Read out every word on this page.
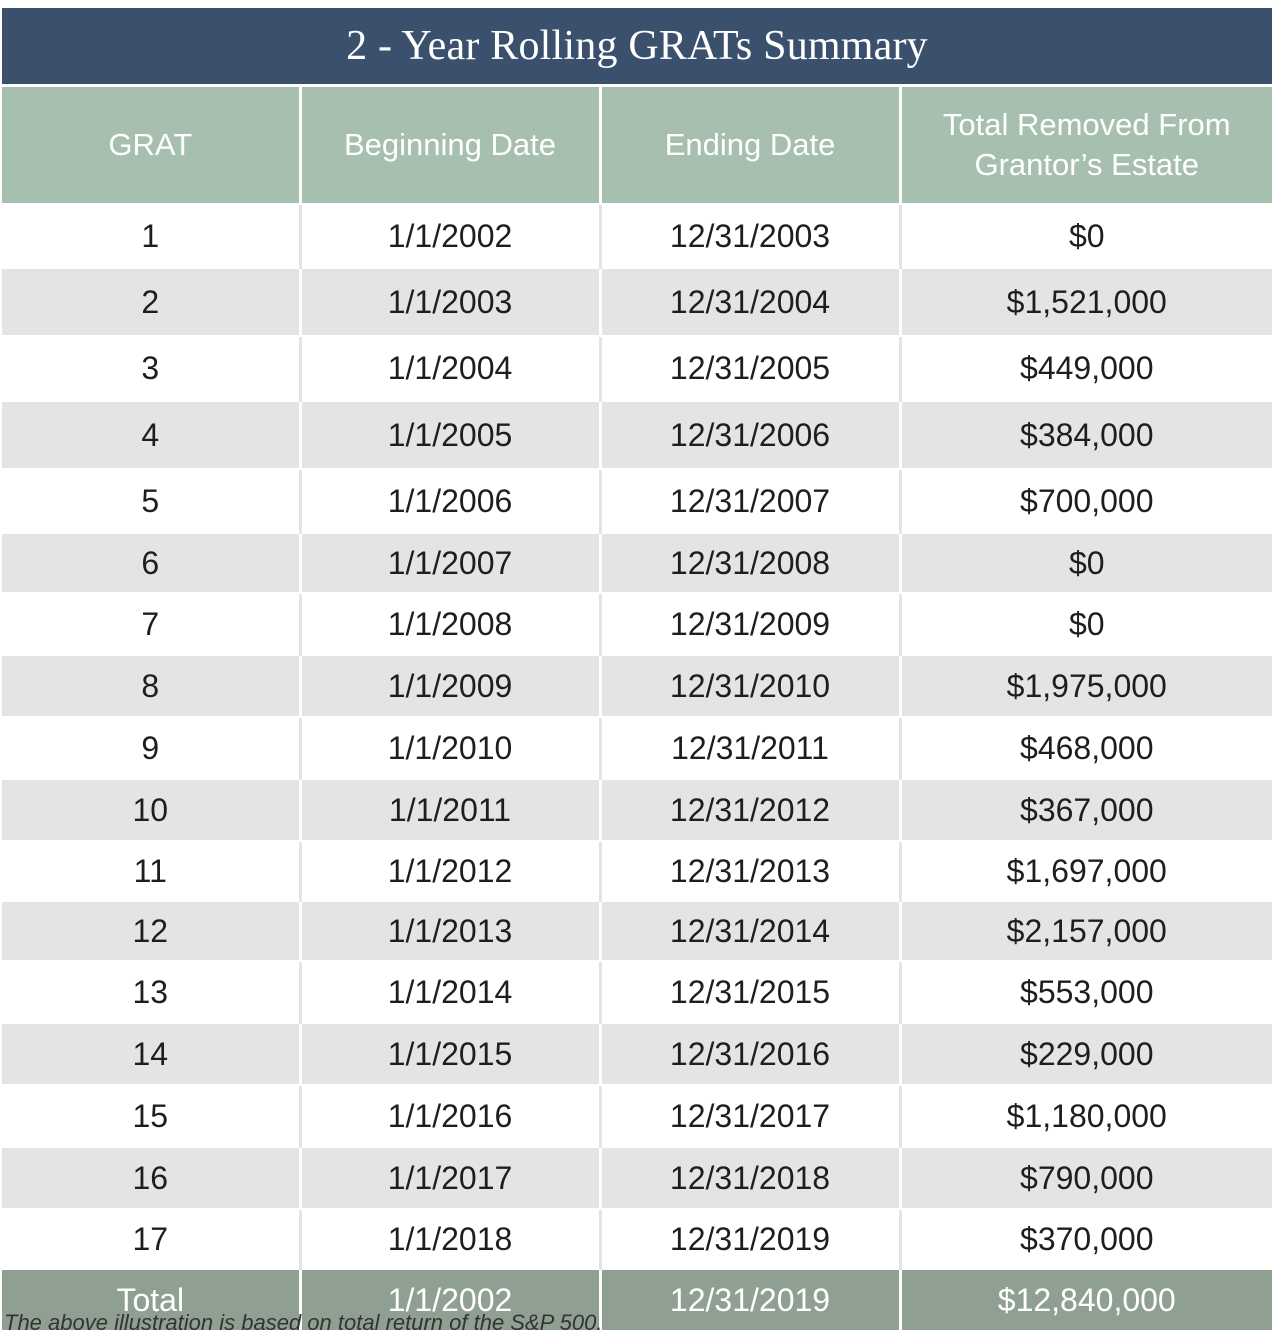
2 - Year Rolling GRATs Summary
GRAT	Beginning Date	Ending Date	Total Removed From Grantor’s Estate
1	1/1/2002	12/31/2003	$0
2	1/1/2003	12/31/2004	$1,521,000
3	1/1/2004	12/31/2005	$449,000
4	1/1/2005	12/31/2006	$384,000
5	1/1/2006	12/31/2007	$700,000
6	1/1/2007	12/31/2008	$0
7	1/1/2008	12/31/2009	$0
8	1/1/2009	12/31/2010	$1,975,000
9	1/1/2010	12/31/2011	$468,000
10	1/1/2011	12/31/2012	$367,000
11	1/1/2012	12/31/2013	$1,697,000
12	1/1/2013	12/31/2014	$2,157,000
13	1/1/2014	12/31/2015	$553,000
14	1/1/2015	12/31/2016	$229,000
15	1/1/2016	12/31/2017	$1,180,000
16	1/1/2017	12/31/2018	$790,000
17	1/1/2018	12/31/2019	$370,000
Total	1/1/2002	12/31/2019	$12,840,000
The above illustration is based on total return of the S&P 500.
